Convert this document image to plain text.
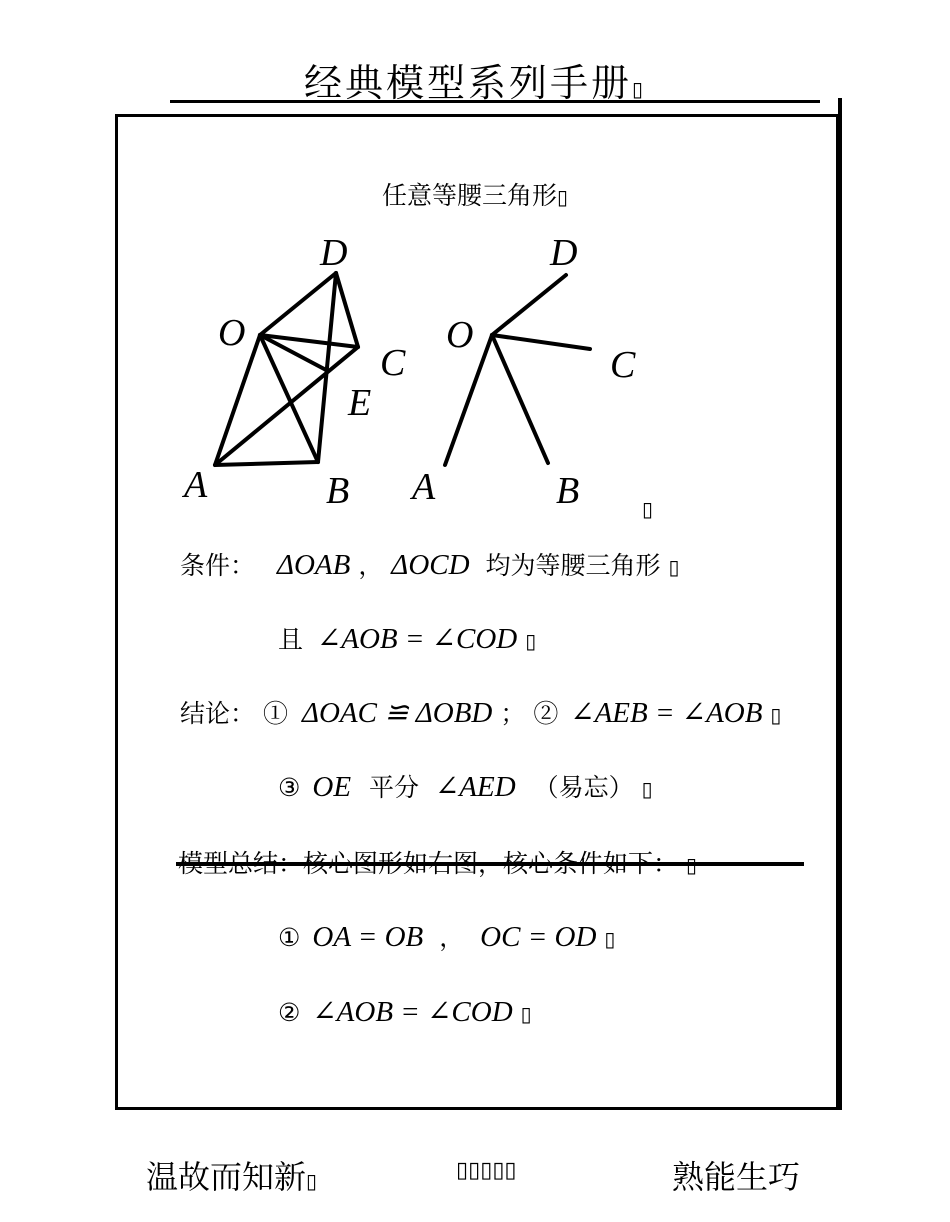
经典模型系列手册▯
任意等腰三角形▯
D
O
C
E
A	B
D
O
C
A	B	▯
条件： ΔOAB ， ΔOCD 均为等腰三角形 ▯
且 ∠AOB = ∠COD ▯
结论： ① ΔOAC ≌ ΔOBD ； ② ∠AEB = ∠AOB ▯
③ OE 平分 ∠AED （易忘） ▯
模型总结：核心图形如右图，核心条件如下： ▯
① OA = OB ， OC = OD ▯
② ∠AOB = ∠COD ▯
温故而知新▯	▯▯▯▯▯	熟能生巧
